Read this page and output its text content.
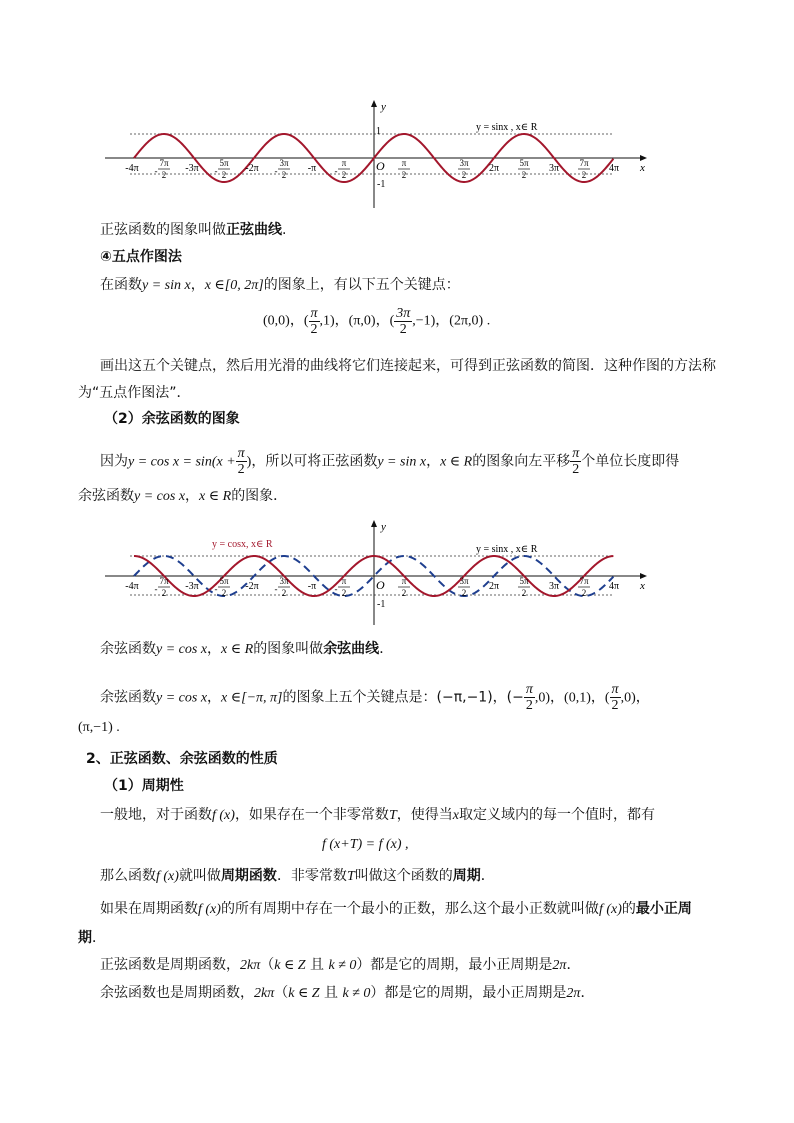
-4π	-3π	-2π	-π	2π	3π	4π
-
7π
2	-
5π
2	-
3π
2	-
π
2
π
2
3π
2
5π
2
7π
2
y
x
O
1
-1
y = sinx , x∈ R
正弦函数的图象叫做正弦曲线.
④五点作图法
在函数y = sin x，x ∈[0, 2π]的图象上，有以下五个关键点：
(0,0)，( $\frac{\pi}{2} ,1$)，(π,0)，( $\frac{3\pi}{2} ,-1$)，(2π,0) .
画出这五个关键点，然后用光滑的曲线将它们连接起来，可得到正弦函数的简图．这种作图的方法称
为“五点作图法”．
（2）余弦函数的图象
因为$y = \cos x = \sin(x + \frac{\pi}{2}$ )，所以可将正弦函数y = sin x，x ∈ R的图象向左平移 $\frac{\pi}{2}$ 个单位长度即得
余弦函数y = cos x，x ∈ R的图象．
-4π	-3π	-2π	-π	2π	3π	4π
-
7π
2	-
5π
2	-
3π
2	-
π
2
π
2
3π
2
5π
2
7π
2
y
x
O
-1
y = cosx, x∈ R	y = sinx , x∈ R
余弦函数y = cos x，x ∈ R的图象叫做余弦曲线．
余弦函数y = cos x，x ∈[−π, π]的图象上五个关键点是：(−π,−1)，(− $\frac{\pi}{2} ,0$)，(0,1)，( $\frac{\pi}{2} ,0$)，
(π,−1) .
2、正弦函数、余弦函数的性质
（1）周期性
一般地，对于函数f (x)，如果存在一个非零常数T，使得当x取定义域内的每一个值时，都有
f (x+T) = f (x) ,
那么函数f (x)就叫做周期函数．非零常数T叫做这个函数的周期．
如果在周期函数f (x)的所有周期中存在一个最小的正数，那么这个最小正数就叫做f (x)的最小正周
期．
正弦函数是周期函数，2kπ（k ∈ Z 且 k ≠ 0）都是它的周期，最小正周期是2π．
余弦函数也是周期函数，2kπ（k ∈ Z 且 k ≠ 0）都是它的周期，最小正周期是2π．
